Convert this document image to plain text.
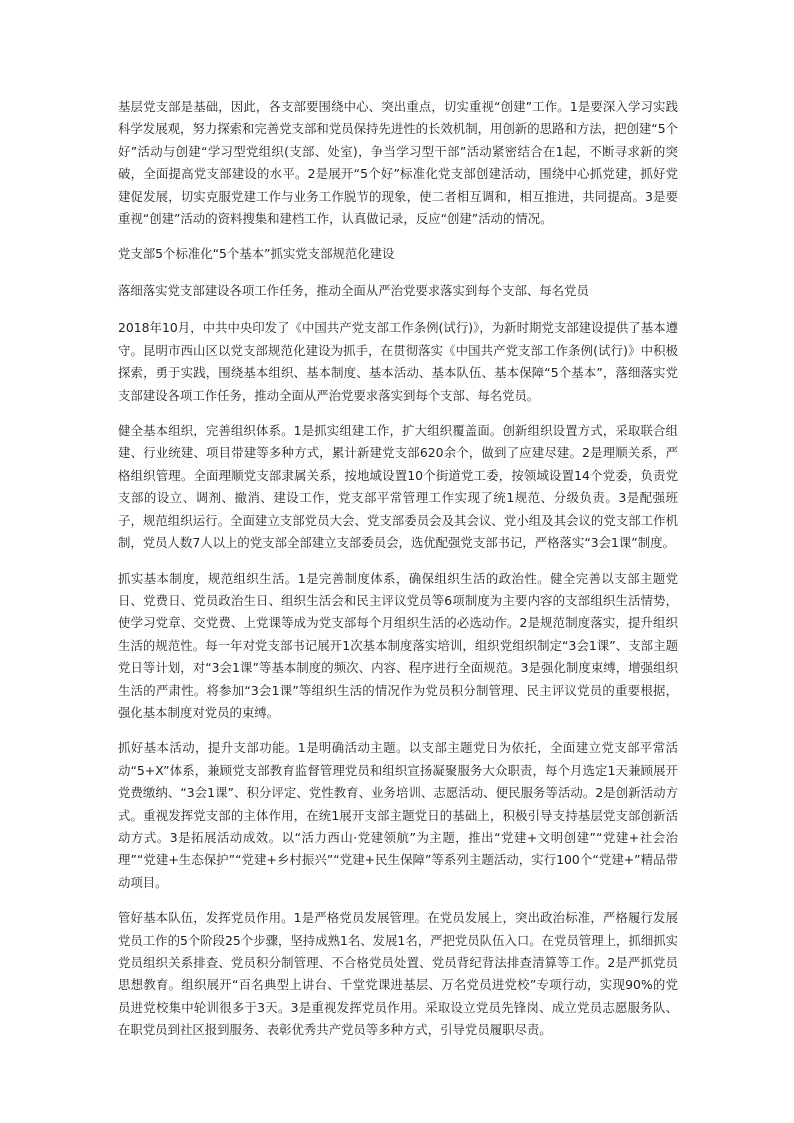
基层党支部是基础，因此，各支部要围绕中心、突出重点，切实重视“创建”工作。1是要深入学习实践科学发展观，努力探索和完善党支部和党员保持先进性的长效机制，用创新的思路和方法，把创建“5个好”活动与创建“学习型党组织(支部、处室)，争当学习型干部”活动紧密结合在1起，不断寻求新的突破，全面提高党支部建设的水平。2是展开“5个好”标准化党支部创建活动，围绕中心抓党建，抓好党建促发展，切实克服党建工作与业务工作脱节的现象，使二者相互调和，相互推进，共同提高。3是要重视“创建”活动的资料搜集和建档工作，认真做记录，反应“创建”活动的情况。

党支部5个标准化“5个基本”抓实党支部规范化建设

落细落实党支部建设各项工作任务，推动全面从严治党要求落实到每个支部、每名党员

2018年10月，中共中央印发了《中国共产党支部工作条例(试行)》，为新时期党支部建设提供了基本遵守。昆明市西山区以党支部规范化建设为抓手，在贯彻落实《中国共产党支部工作条例(试行)》中积极探索，勇于实践，围绕基本组织、基本制度、基本活动、基本队伍、基本保障“5个基本”，落细落实党支部建设各项工作任务，推动全面从严治党要求落实到每个支部、每名党员。

健全基本组织，完善组织体系。1是抓实组建工作，扩大组织覆盖面。创新组织设置方式，采取联合组建、行业统建、项目带建等多种方式，累计新建党支部620余个，做到了应建尽建。2是理顺关系，严格组织管理。全面理顺党支部隶属关系，按地域设置10个街道党工委，按领域设置14个党委，负责党支部的设立、调剂、撤消、建设工作，党支部平常管理工作实现了统1规范、分级负责。3是配强班子，规范组织运行。全面建立支部党员大会、党支部委员会及其会议、党小组及其会议的党支部工作机制，党员人数7人以上的党支部全部建立支部委员会，选优配强党支部书记，严格落实“3会1课”制度。

抓实基本制度，规范组织生活。1是完善制度体系，确保组织生活的政治性。健全完善以支部主题党日、党费日、党员政治生日、组织生活会和民主评议党员等6项制度为主要内容的支部组织生活情势，使学习党章、交党费、上党课等成为党支部每个月组织生活的必选动作。2是规范制度落实，提升组织生活的规范性。每一年对党支部书记展开1次基本制度落实培训，组织党组织制定“3会1课”、支部主题党日等计划，对“3会1课”等基本制度的频次、内容、程序进行全面规范。3是强化制度束缚，增强组织生活的严肃性。将参加“3会1课”等组织生活的情况作为党员积分制管理、民主评议党员的重要根据，强化基本制度对党员的束缚。

抓好基本活动，提升支部功能。1是明确活动主题。以支部主题党日为依托，全面建立党支部平常活动“5+X”体系，兼顾党支部教育监督管理党员和组织宣扬凝聚服务大众职责，每个月选定1天兼顾展开党费缴纳、“3会1课”、积分评定、党性教育、业务培训、志愿活动、便民服务等活动。2是创新活动方式。重视发挥党支部的主体作用，在统1展开支部主题党日的基础上，积极引导支持基层党支部创新活动方式。3是拓展活动成效。以“活力西山·党建领航”为主题，推出“党建+文明创建”“党建+社会治理”“党建+生态保护”“党建+乡村振兴”“党建+民生保障”等系列主题活动，实行100个“党建+”精品带动项目。

管好基本队伍，发挥党员作用。1是严格党员发展管理。在党员发展上，突出政治标准，严格履行发展党员工作的5个阶段25个步骤，坚持成熟1名、发展1名，严把党员队伍入口。在党员管理上，抓细抓实党员组织关系排查、党员积分制管理、不合格党员处置、党员背纪背法排查清算等工作。2是严抓党员思想教育。组织展开“百名典型上讲台、千堂党课进基层、万名党员进党校”专项行动，实现90%的党员进党校集中轮训很多于3天。3是重视发挥党员作用。采取设立党员先锋岗、成立党员志愿服务队、在职党员到社区报到服务、表彰优秀共产党员等多种方式，引导党员履职尽责。
